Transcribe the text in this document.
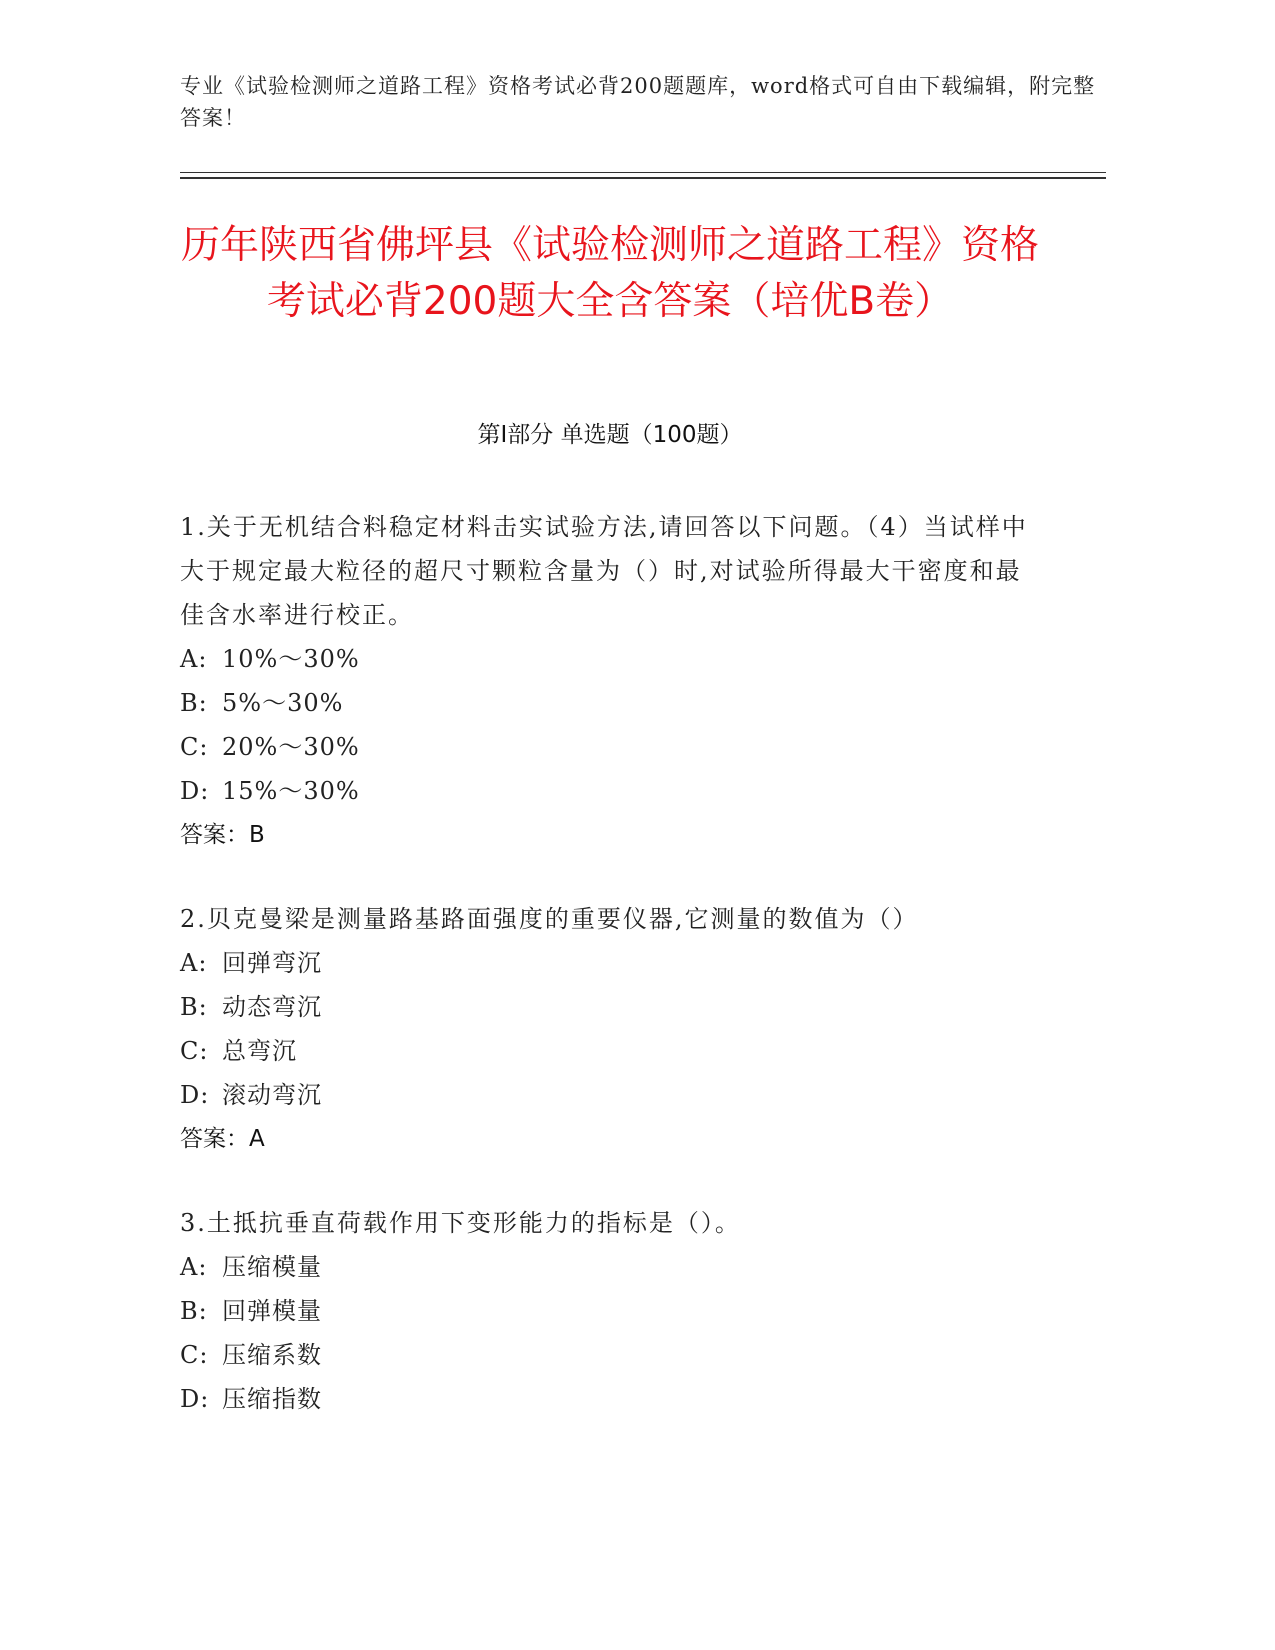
专业《试验检测师之道路工程》资格考试必背200题题库，word格式可自由下载编辑，附完整答案！
历年陕西省佛坪县《试验检测师之道路工程》资格考试必背200题大全含答案（培优B卷）
第I部分 单选题（100题）
1.关于无机结合料稳定材料击实试验方法,请回答以下问题。（4）当试样中大于规定最大粒径的超尺寸颗粒含量为（）时,对试验所得最大干密度和最佳含水率进行校正。
A: 10%～30%
B: 5%～30%
C: 20%～30%
D: 15%～30%
答案：B
2.贝克曼梁是测量路基路面强度的重要仪器,它测量的数值为（）
A: 回弹弯沉
B: 动态弯沉
C: 总弯沉
D: 滚动弯沉
答案：A
3.土抵抗垂直荷载作用下变形能力的指标是（）。
A: 压缩模量
B: 回弹模量
C: 压缩系数
D: 压缩指数
